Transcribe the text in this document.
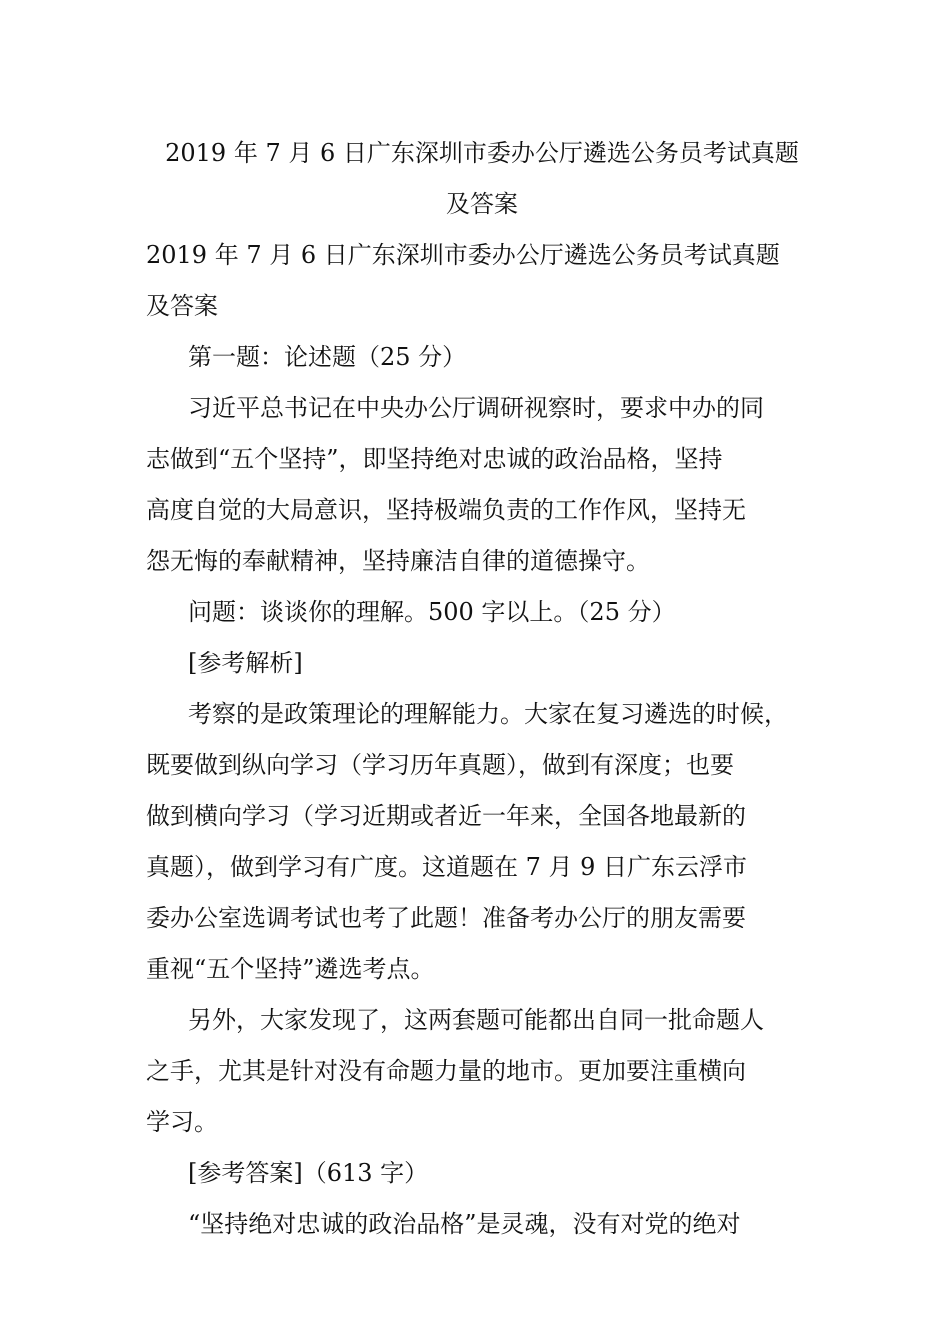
2019 年 7 月 6 日广东深圳市委办公厅遴选公务员考试真题
及答案
2019 年 7 月 6 日广东深圳市委办公厅遴选公务员考试真题
及答案
第一题：论述题（25 分）
习近平总书记在中央办公厅调研视察时，要求中办的同
志做到“五个坚持”，即坚持绝对忠诚的政治品格，坚持
高度自觉的大局意识，坚持极端负责的工作作风，坚持无
怨无悔的奉献精神，坚持廉洁自律的道德操守。
问题：谈谈你的理解。500 字以上。（25 分）
[参考解析]
考察的是政策理论的理解能力。大家在复习遴选的时候，
既要做到纵向学习（学习历年真题），做到有深度；也要
做到横向学习（学习近期或者近一年来，全国各地最新的
真题），做到学习有广度。这道题在 7 月 9 日广东云浮市
委办公室选调考试也考了此题！准备考办公厅的朋友需要
重视“五个坚持”遴选考点。
另外，大家发现了，这两套题可能都出自同一批命题人
之手，尤其是针对没有命题力量的地市。更加要注重横向
学习。
[参考答案]（613 字）
“坚持绝对忠诚的政治品格”是灵魂，没有对党的绝对
